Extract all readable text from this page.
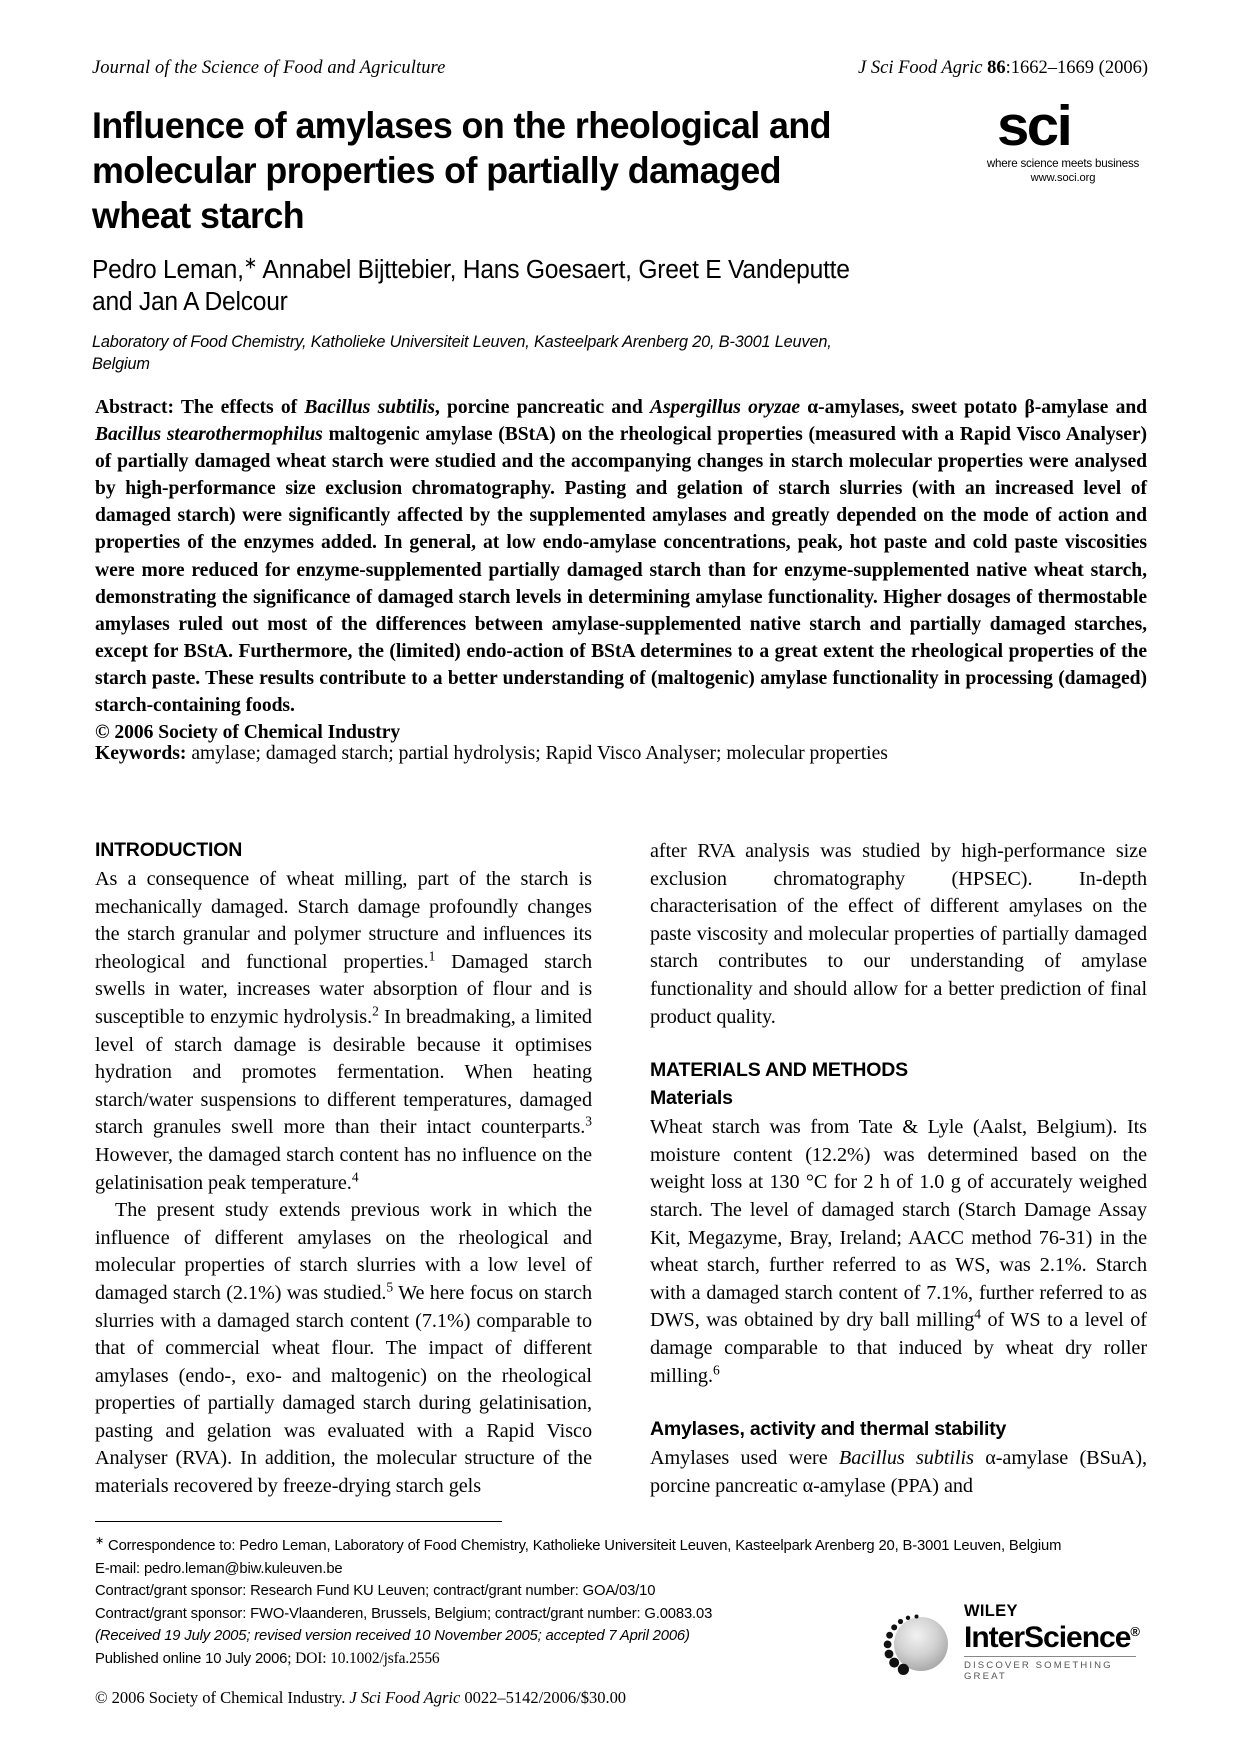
Journal of the Science of Food and Agriculture	J Sci Food Agric 86:1662–1669 (2006)
sci
where science meets business
www.soci.org
Influence of amylases on the rheological and molecular properties of partially damaged wheat starch
Pedro Leman,∗ Annabel Bijttebier, Hans Goesaert, Greet E Vandeputte and Jan A Delcour
Laboratory of Food Chemistry, Katholieke Universiteit Leuven, Kasteelpark Arenberg 20, B-3001 Leuven, Belgium
Abstract: The effects of Bacillus subtilis, porcine pancreatic and Aspergillus oryzae α-amylases, sweet potato β-amylase and Bacillus stearothermophilus maltogenic amylase (BStA) on the rheological properties (measured with a Rapid Visco Analyser) of partially damaged wheat starch were studied and the accompanying changes in starch molecular properties were analysed by high-performance size exclusion chromatography. Pasting and gelation of starch slurries (with an increased level of damaged starch) were significantly affected by the supplemented amylases and greatly depended on the mode of action and properties of the enzymes added. In general, at low endo-amylase concentrations, peak, hot paste and cold paste viscosities were more reduced for enzyme-supplemented partially damaged starch than for enzyme-supplemented native wheat starch, demonstrating the significance of damaged starch levels in determining amylase functionality. Higher dosages of thermostable amylases ruled out most of the differences between amylase-supplemented native starch and partially damaged starches, except for BStA. Furthermore, the (limited) endo-action of BStA determines to a great extent the rheological properties of the starch paste. These results contribute to a better understanding of (maltogenic) amylase functionality in processing (damaged) starch-containing foods.
© 2006 Society of Chemical Industry
Keywords: amylase; damaged starch; partial hydrolysis; Rapid Visco Analyser; molecular properties
INTRODUCTION

As a consequence of wheat milling, part of the starch is mechanically damaged. Starch damage profoundly changes the starch granular and polymer structure and influences its rheological and functional properties.$^1$ Damaged starch swells in water, increases water absorption of flour and is susceptible to enzymic hydrolysis.$^2$ In breadmaking, a limited level of starch damage is desirable because it optimises hydration and promotes fermentation. When heating starch/water suspensions to different temperatures, damaged starch granules swell more than their intact counterparts.$^3$ However, the damaged starch content has no influence on the gelatinisation peak temperature.$^4$

The present study extends previous work in which the influence of different amylases on the rheological and molecular properties of starch slurries with a low level of damaged starch (2.1%) was studied.$^5$ We here focus on starch slurries with a damaged starch content (7.1%) comparable to that of commercial wheat flour. The impact of different amylases (endo-, exo- and maltogenic) on the rheological properties of partially damaged starch during gelatinisation, pasting and gelation was evaluated with a Rapid Visco Analyser (RVA). In addition, the molecular structure of the materials recovered by freeze-drying starch gels

after RVA analysis was studied by high-performance size exclusion chromatography (HPSEC). In-depth characterisation of the effect of different amylases on the paste viscosity and molecular properties of partially damaged starch contributes to our understanding of amylase functionality and should allow for a better prediction of final product quality.

MATERIALS AND METHODS
Materials

Wheat starch was from Tate & Lyle (Aalst, Belgium). Its moisture content (12.2%) was determined based on the weight loss at 130 °C for 2 h of 1.0 g of accurately weighed starch. The level of damaged starch (Starch Damage Assay Kit, Megazyme, Bray, Ireland; AACC method 76-31) in the wheat starch, further referred to as WS, was 2.1%. Starch with a damaged starch content of 7.1%, further referred to as DWS, was obtained by dry ball milling$^4$ of WS to a level of damage comparable to that induced by wheat dry roller milling.$^6$

Amylases, activity and thermal stability

Amylases used were Bacillus subtilis α-amylase (BSuA), porcine pancreatic α-amylase (PPA) and

∗ Correspondence to: Pedro Leman, Laboratory of Food Chemistry, Katholieke Universiteit Leuven, Kasteelpark Arenberg 20, B-3001 Leuven, Belgium
E-mail: pedro.leman@biw.kuleuven.be
Contract/grant sponsor: Research Fund KU Leuven; contract/grant number: GOA/03/10
Contract/grant sponsor: FWO-Vlaanderen, Brussels, Belgium; contract/grant number: G.0083.03
(Received 19 July 2005; revised version received 10 November 2005; accepted 7 April 2006)
Published online 10 July 2006; DOI: 10.1002/jsfa.2556
© 2006 Society of Chemical Industry. J Sci Food Agric 0022–5142/2006/$30.00
WILEY
InterScience®
DISCOVER SOMETHING GREAT
